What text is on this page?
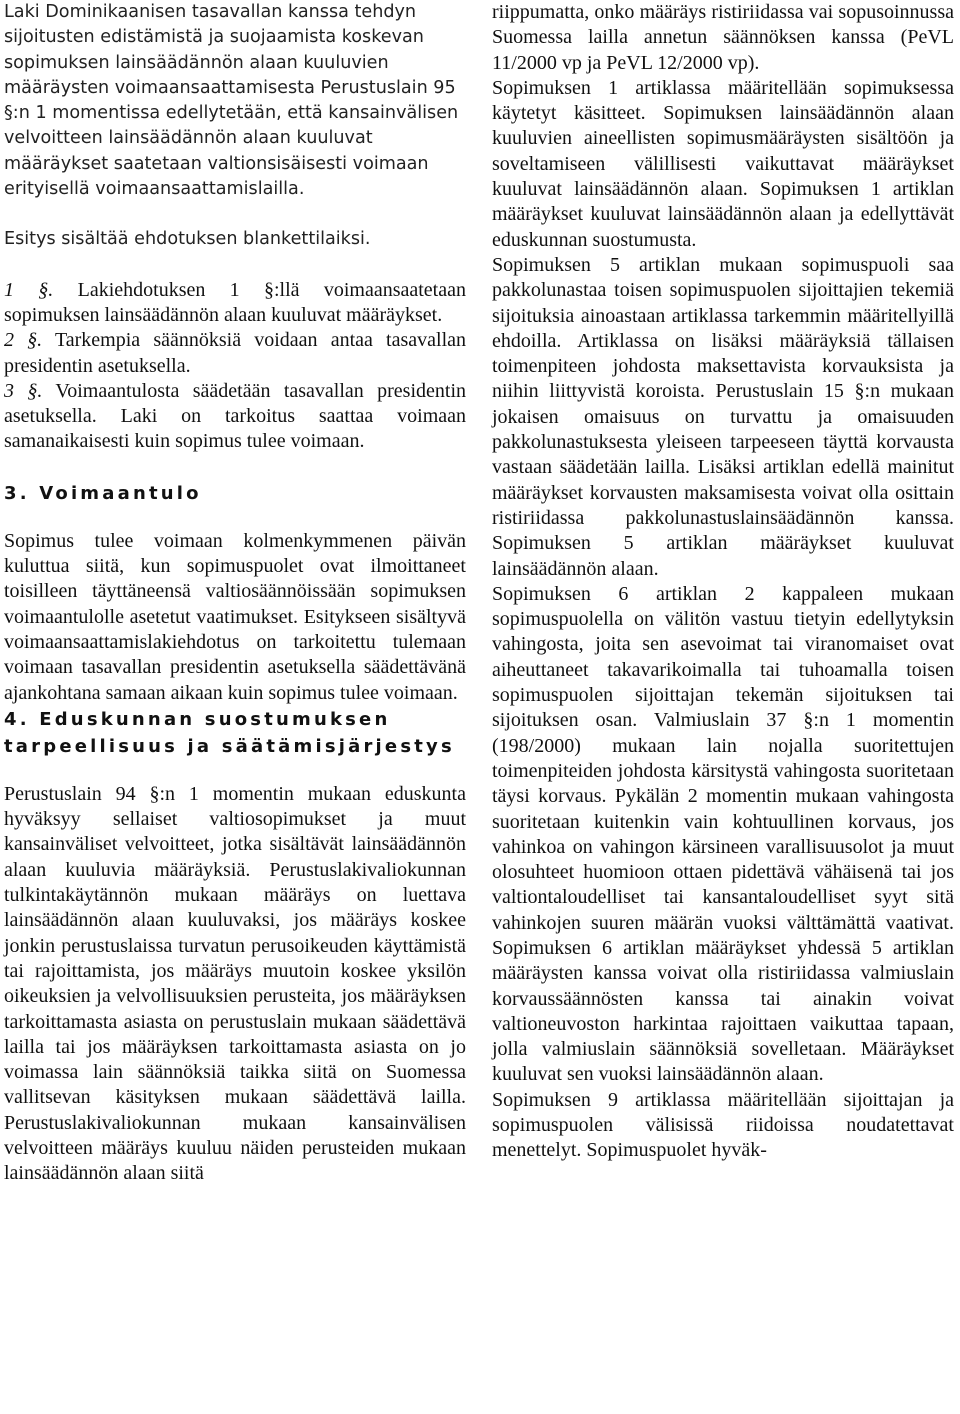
Laki Dominikaanisen tasavallan kanssa tehdyn sijoitusten edistämistä ja suojaamista koskevan sopimuksen lainsäädännön alaan kuuluvien määräysten voimaansaattamisesta Perustuslain 95 §:n 1 momentissa edellytetään, että kansainvälisen velvoitteen lainsäädännön alaan kuuluvat määräykset saatetaan valtionsisäisesti voimaan erityisellä voimaansaattamislailla.

Esitys sisältää ehdotuksen blankettilaiksi.

1 §. Lakiehdotuksen 1 §:llä voimaansaatetaan sopimuksen lainsäädännön alaan kuuluvat määräykset.

2 §. Tarkempia säännöksiä voidaan antaa tasavallan presidentin asetuksella.

3 §. Voimaantulosta säädetään tasavallan presidentin asetuksella. Laki on tarkoitus saattaa voimaan samanaikaisesti kuin sopimus tulee voimaan.

3. Voimaantulo

Sopimus tulee voimaan kolmenkymmenen päivän kuluttua siitä, kun sopimuspuolet ovat ilmoittaneet toisilleen täyttäneensä valtiosäännöissään sopimuksen voimaantulolle asetetut vaatimukset. Esitykseen sisältyvä voimaansaattamislakiehdotus on tarkoitettu tulemaan voimaan tasavallan presidentin asetuksella säädettävänä ajankohtana samaan aikaan kuin sopimus tulee voimaan.

4. Eduskunnan suostumuksen
tarpeellisuus ja säätämisjärjestys

Perustuslain 94 §:n 1 momentin mukaan eduskunta hyväksyy sellaiset valtiosopimukset ja muut kansainväliset velvoitteet, jotka sisältävät lainsäädännön alaan kuuluvia määräyksiä. Perustuslakivaliokunnan tulkintakäytännön mukaan määräys on luettava lainsäädännön alaan kuuluvaksi, jos määräys koskee jonkin perustuslaissa turvatun perusoikeuden käyttämistä tai rajoittamista, jos määräys muutoin koskee yksilön oikeuksien ja velvollisuuksien perusteita, jos määräyksen tarkoittamasta asiasta on perustuslain mukaan säädettävä lailla tai jos määräyksen tarkoittamasta asiasta on jo voimassa lain säännöksiä taikka siitä on Suomessa vallitsevan käsityksen mukaan säädettävä lailla. Perustuslakivaliokunnan mukaan kansainvälisen velvoitteen määräys kuuluu näiden perusteiden mukaan lainsäädännön alaan siitä

riippumatta, onko määräys ristiriidassa vai sopusoinnussa Suomessa lailla annetun säännöksen kanssa (PeVL 11/2000 vp ja PeVL 12/2000 vp).

Sopimuksen 1 artiklassa määritellään sopimuksessa käytetyt käsitteet. Sopimuksen lainsäädännön alaan kuuluvien aineellisten sopimusmääräysten sisältöön ja soveltamiseen välillisesti vaikuttavat määräykset kuuluvat lainsäädännön alaan. Sopimuksen 1 artiklan määräykset kuuluvat lainsäädännön alaan ja edellyttävät eduskunnan suostumusta.

Sopimuksen 5 artiklan mukaan sopimuspuoli saa pakkolunastaa toisen sopimuspuolen sijoittajien tekemiä sijoituksia ainoastaan artiklassa tarkemmin määritellyillä ehdoilla. Artiklassa on lisäksi määräyksiä tällaisen toimenpiteen johdosta maksettavista korvauksista ja niihin liittyvistä koroista. Perustuslain 15 §:n mukaan jokaisen omaisuus on turvattu ja omaisuuden pakkolunastuksesta yleiseen tarpeeseen täyttä korvausta vastaan säädetään lailla. Lisäksi artiklan edellä mainitut määräykset korvausten maksamisesta voivat olla osittain ristiriidassa pakkolunastuslainsäädännön kanssa. Sopimuksen 5 artiklan määräykset kuuluvat lainsäädännön alaan.

Sopimuksen 6 artiklan 2 kappaleen mukaan sopimuspuolella on välitön vastuu tietyin edellytyksin vahingosta, joita sen asevoimat tai viranomaiset ovat aiheuttaneet takavarikoimalla tai tuhoamalla toisen sopimuspuolen sijoittajan tekemän sijoituksen tai sijoituksen osan. Valmiuslain 37 §:n 1 momentin (198/2000) mukaan lain nojalla suoritettujen toimenpiteiden johdosta kärsitystä vahingosta suoritetaan täysi korvaus. Pykälän 2 momentin mukaan vahingosta suoritetaan kuitenkin vain kohtuullinen korvaus, jos vahinkoa on vahingon kärsineen varallisuusolot ja muut olosuhteet huomioon ottaen pidettävä vähäisenä tai jos valtiontaloudelliset tai kansantaloudelliset syyt sitä vahinkojen suuren määrän vuoksi välttämättä vaativat. Sopimuksen 6 artiklan määräykset yhdessä 5 artiklan määräysten kanssa voivat olla ristiriidassa valmiuslain korvaussäännösten kanssa tai ainakin voivat valtioneuvoston harkintaa rajoittaen vaikuttaa tapaan, jolla valmiuslain säännöksiä sovelletaan. Määräykset kuuluvat sen vuoksi lainsäädännön alaan.

Sopimuksen 9 artiklassa määritellään sijoittajan ja sopimuspuolen välisissä riidoissa noudatettavat menettelyt. Sopimuspuolet hyväk-
